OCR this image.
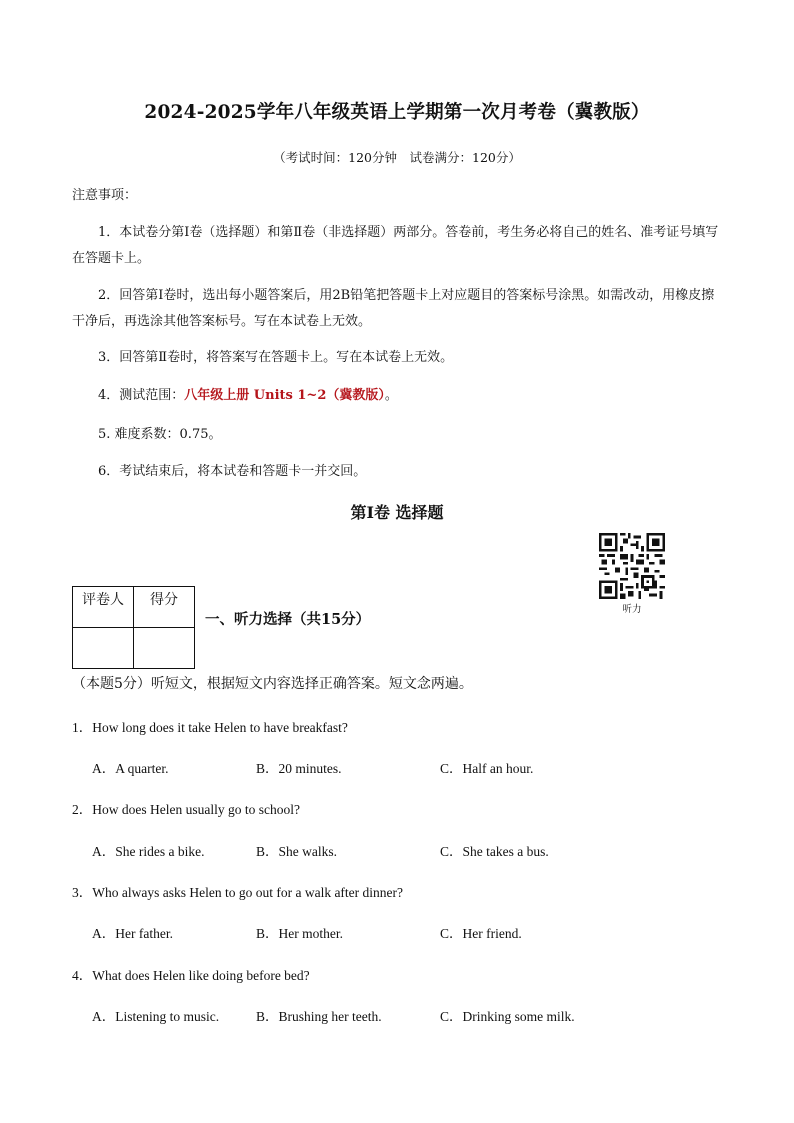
2024-2025学年八年级英语上学期第一次月考卷（冀教版）
（考试时间：120分钟　试卷满分：120分）
注意事项：
1．本试卷分第Ⅰ卷（选择题）和第Ⅱ卷（非选择题）两部分。答卷前，考生务必将自己的姓名、准考证号填写在答题卡上。
2．回答第Ⅰ卷时，选出每小题答案后，用2B铅笔把答题卡上对应题目的答案标号涂黑。如需改动，用橡皮擦干净后，再选涂其他答案标号。写在本试卷上无效。
3．回答第Ⅱ卷时，将答案写在答题卡上。写在本试卷上无效。
4．测试范围：八年级上册 Units 1~2（冀教版）。
5. 难度系数：0.75。
6．考试结束后，将本试卷和答题卡一并交回。
第Ⅰ卷 选择题
听力
评卷人	得分

一、听力选择（共15分）
（本题5分）听短文，根据短文内容选择正确答案。短文念两遍。
1．How long does it take Helen to have breakfast?
A．A quarter.	B．20 minutes.	C．Half an hour.
2．How does Helen usually go to school?
A．She rides a bike.	B．She walks.	C．She takes a bus.
3．Who always asks Helen to go out for a walk after dinner?
A．Her father.	B．Her mother.	C．Her friend.
4．What does Helen like doing before bed?
A．Listening to music.	B．Brushing her teeth.	C．Drinking some milk.
